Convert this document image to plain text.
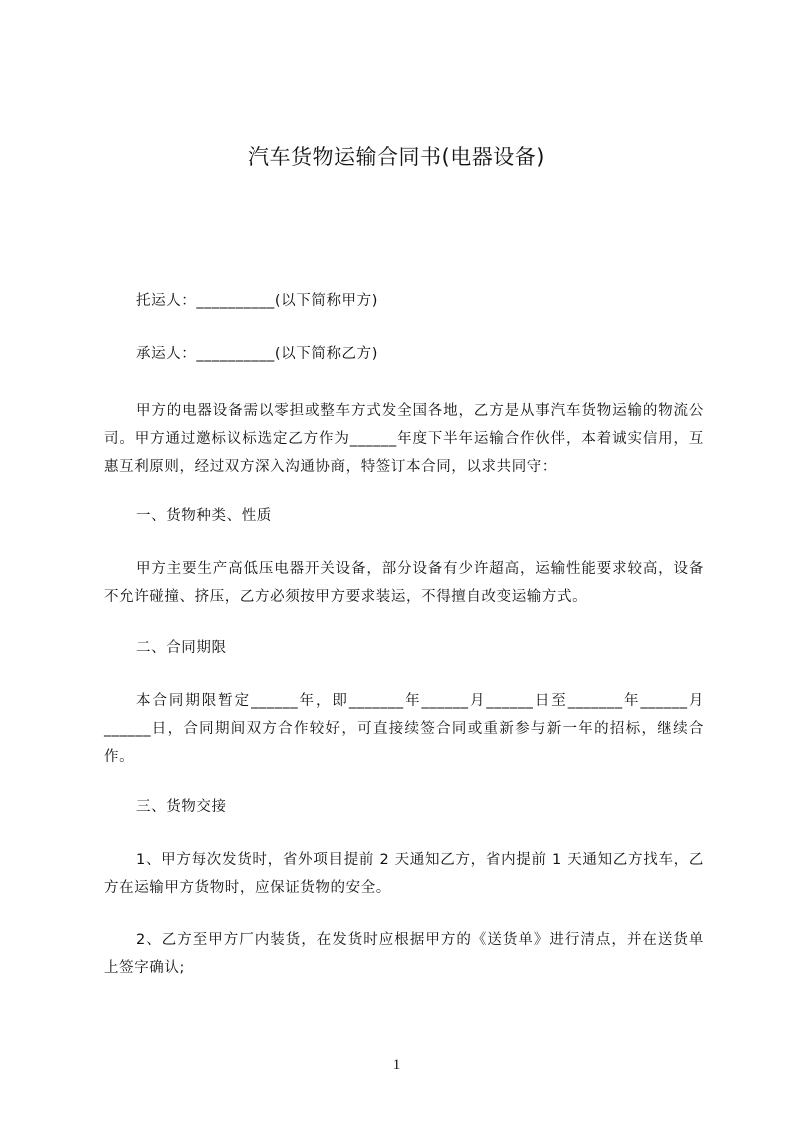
汽车货物运输合同书(电器设备)

托运人：__________(以下简称甲方)

承运人：__________(以下简称乙方)

甲方的电器设备需以零担或整车方式发全国各地，乙方是从事汽车货物运输的物流公司。甲方通过邀标议标选定乙方作为______年度下半年运输合作伙伴，本着诚实信用，互惠互利原则，经过双方深入沟通协商，特签订本合同，以求共同守：

一、货物种类、性质

甲方主要生产高低压电器开关设备，部分设备有少许超高，运输性能要求较高，设备不允许碰撞、挤压，乙方必须按甲方要求装运，不得擅自改变运输方式。

二、合同期限

本合同期限暂定______年，即_______年______月______日至_______年______月______日，合同期间双方合作较好，可直接续签合同或重新参与新一年的招标，继续合作。

三、货物交接

1、甲方每次发货时，省外项目提前 2 天通知乙方，省内提前 1 天通知乙方找车，乙方在运输甲方货物时，应保证货物的安全。

2、乙方至甲方厂内装货，在发货时应根据甲方的《送货单》进行清点，并在送货单上签字确认;

1
